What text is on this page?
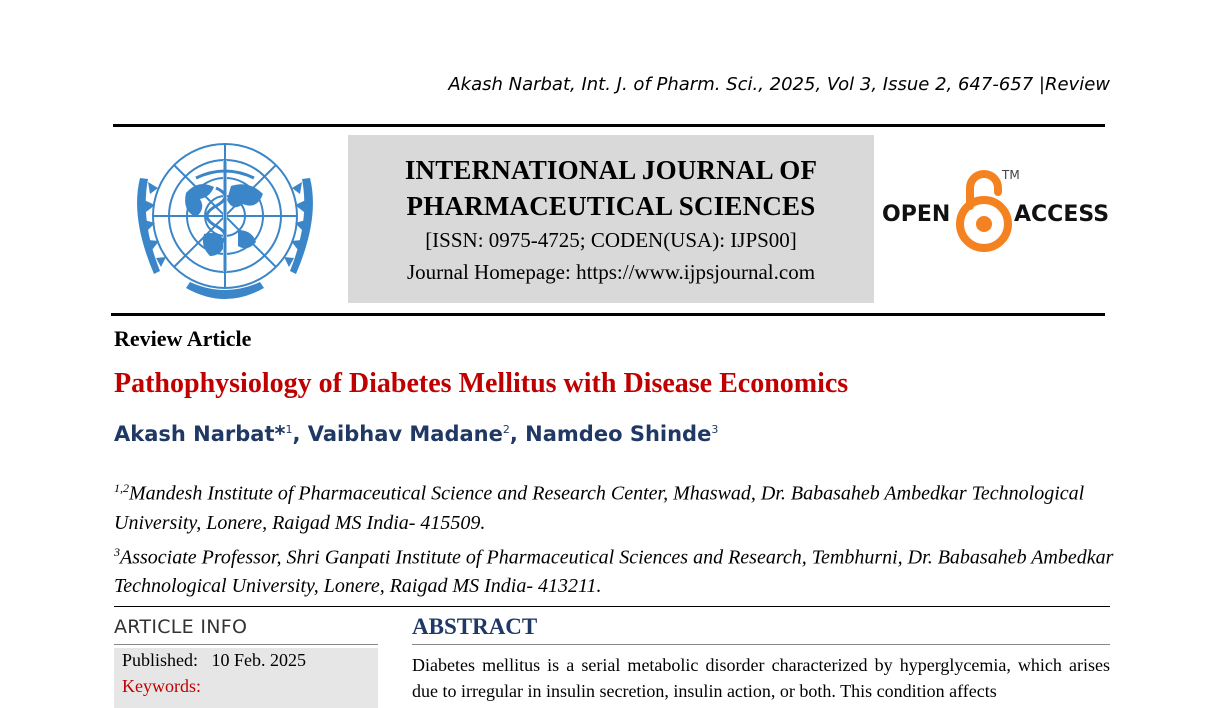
Akash Narbat, Int. J. of Pharm. Sci., 2025, Vol 3, Issue 2, 647-657 |Review
INTERNATIONAL JOURNAL OF
PHARMACEUTICAL SCIENCES
[ISSN: 0975-4725; CODEN(USA): IJPS00]
Journal Homepage: https://www.ijpsjournal.com
OPEN	ACCESS
TM
Review Article
Pathophysiology of Diabetes Mellitus with Disease Economics
Akash Narbat*$^1$, Vaibhav Madane$^2$, Namdeo Shinde$^3$
$^{1,2}$Mandesh Institute of Pharmaceutical Science and Research Center, Mhaswad, Dr. Babasaheb Ambedkar Technological University, Lonere, Raigad MS India- 415509.
$^3$Associate Professor, Shri Ganpati Institute of Pharmaceutical Sciences and Research, Tembhurni, Dr. Babasaheb Ambedkar Technological University, Lonere, Raigad MS India- 413211.
ARTICLE INFO
Published: 10 Feb. 2025
Keywords:
ABSTRACT
Diabetes mellitus is a serial metabolic disorder characterized by hyperglycemia, which arises due to irregular in insulin secretion, insulin action, or both. This condition affects
